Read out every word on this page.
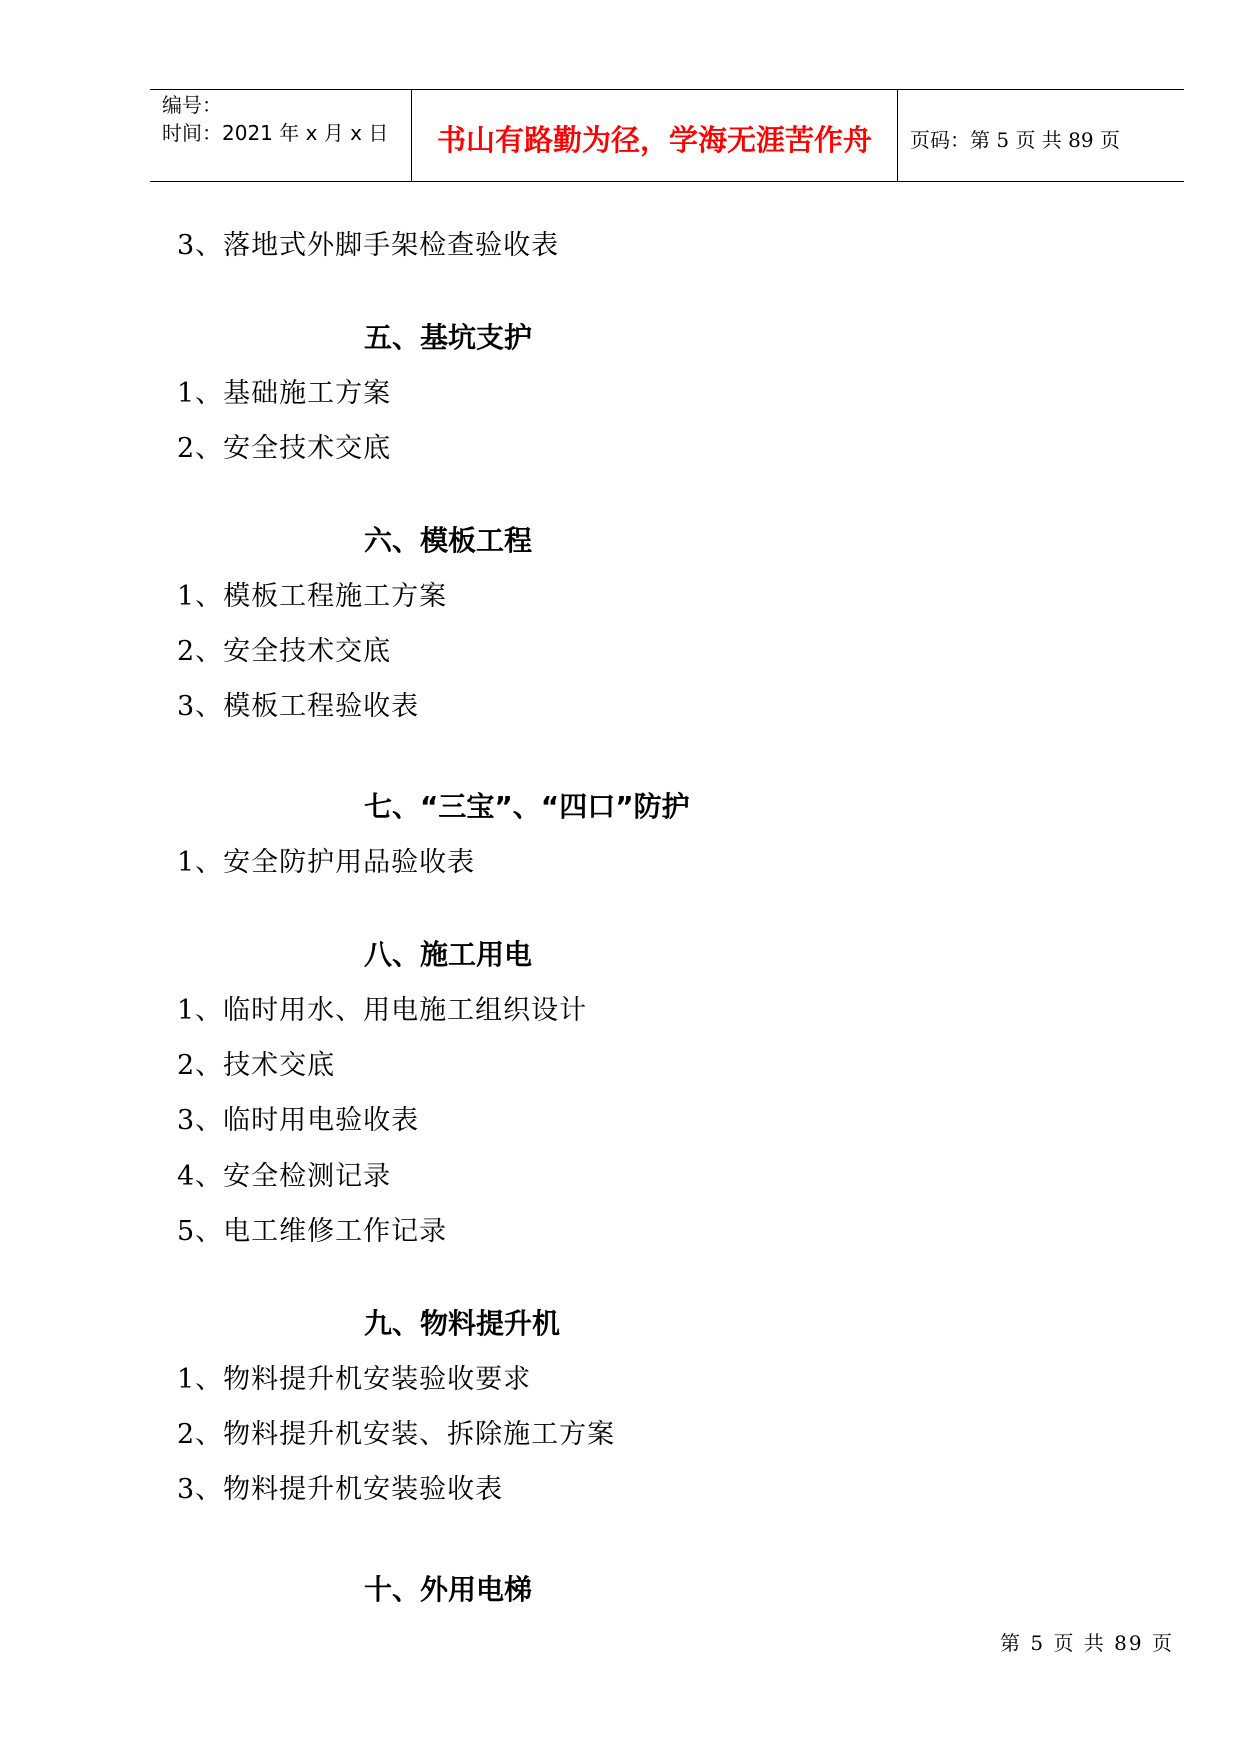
编号：
时间：2021 年 x 月 x 日 书山有路勤为径，学海无涯苦作舟 页码：第 5 页 共 89 页
3、落地式外脚手架检查验收表
五、基坑支护
1、基础施工方案
2、安全技术交底
六、模板工程
1、模板工程施工方案
2、安全技术交底
3、模板工程验收表
七、“三宝”、“四口”防护
1、安全防护用品验收表
八、施工用电
1、临时用水、用电施工组织设计
2、技术交底
3、临时用电验收表
4、安全检测记录
5、电工维修工作记录
九、物料提升机
1、物料提升机安装验收要求
2、物料提升机安装、拆除施工方案
3、物料提升机安装验收表
十、外用电梯
第 5 页 共 89 页
